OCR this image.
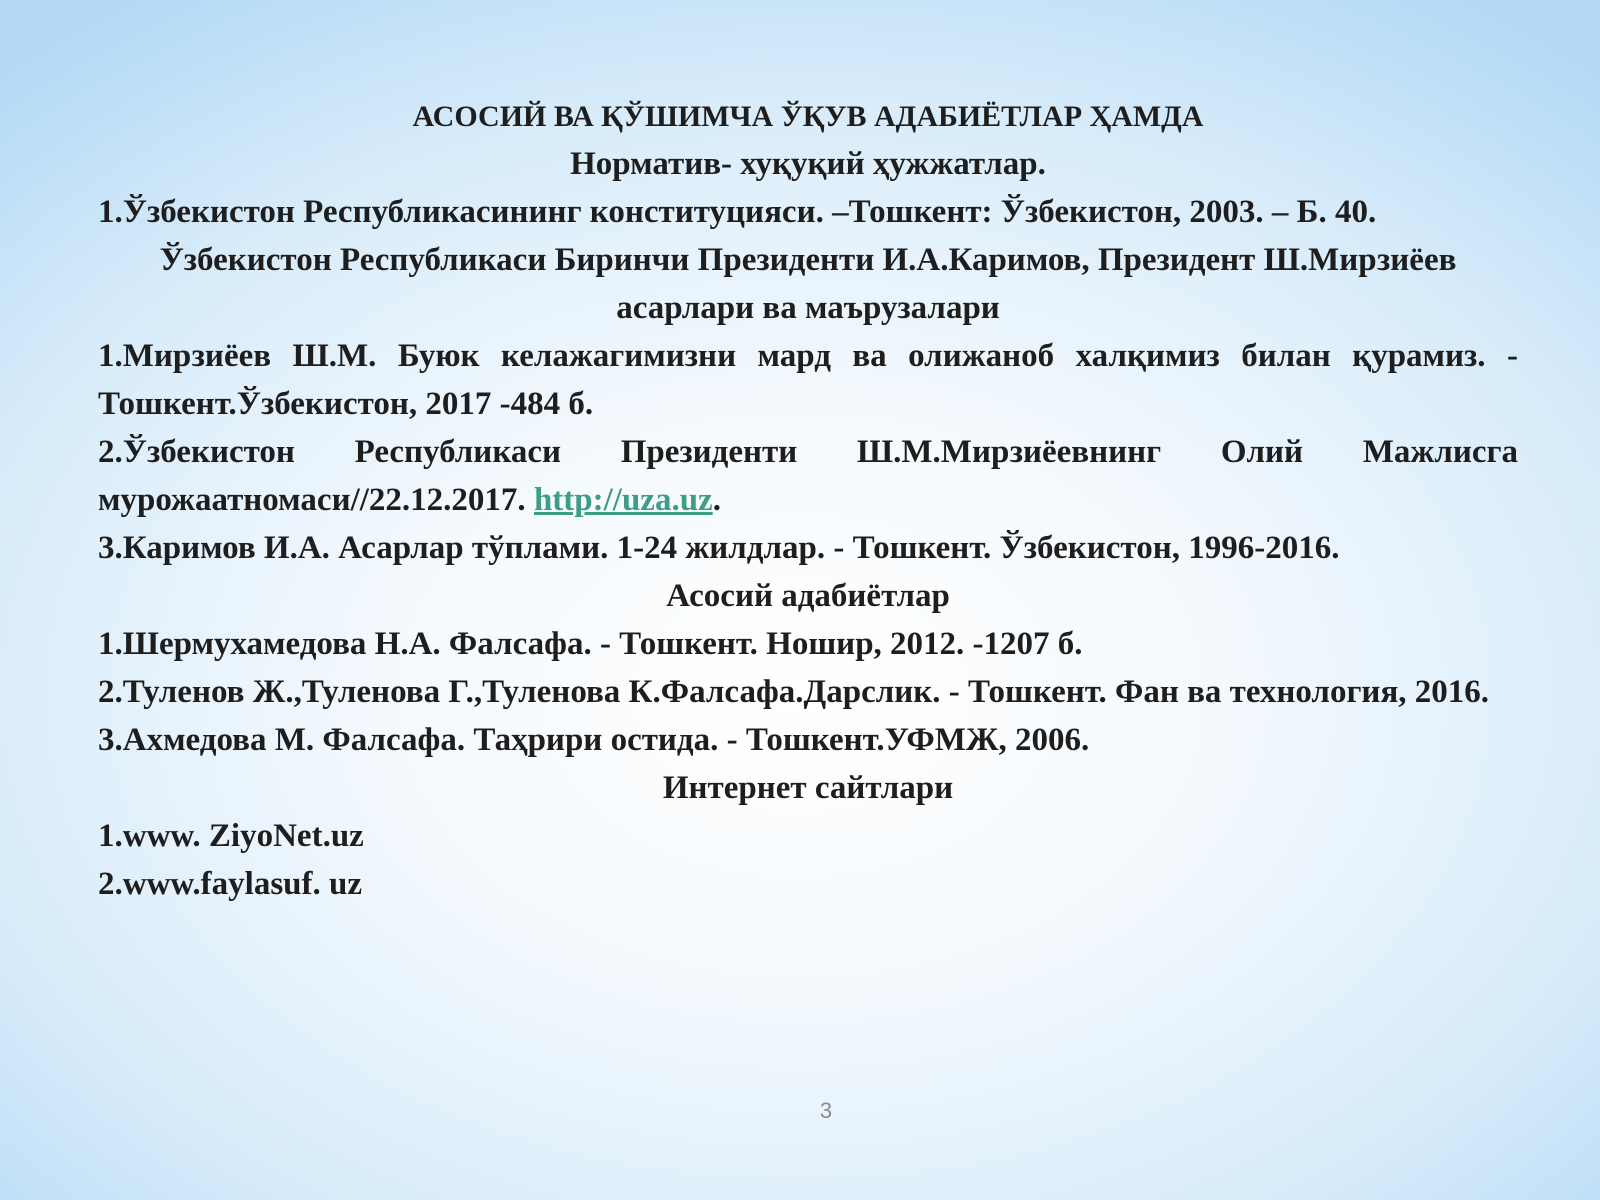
АСОСИЙ ВА ҚЎШИМЧА ЎҚУВ АДАБИЁТЛАР ҲАМДА

Норматив- хуқуқий ҳужжатлар.

1.Ўзбекистон Республикасининг конституцияси. –Тошкент: Ўзбекистон, 2003. – Б. 40.

Ўзбекистон Республикаси Биринчи Президенти И.А.Каримов, Президент Ш.Мирзиёев асарлари ва маърузалари

1.Мирзиёев Ш.М. Буюк келажагимизни мард ва олижаноб халқимиз билан қурамиз. - Тошкент.Ўзбекистон, 2017 -484 б.

2.Ўзбекистон Республикаси Президенти Ш.М.Мирзиёевнинг Олий Мажлисга мурожаатномаси//22.12.2017. http://uza.uz.

3.Каримов И.А. Асарлар тўплами. 1-24 жилдлар. - Тошкент. Ўзбекистон, 1996-2016.

Асосий адабиётлар

1.Шермухамедова Н.А. Фалсафа. - Тошкент. Ношир, 2012. -1207 б.

2.Туленов Ж.,Туленова Г.,Туленова К.Фалсафа.Дарслик. - Тошкент. Фан ва технология, 2016.

3.Ахмедова М. Фалсафа. Таҳрири остида. - Тошкент.УФМЖ, 2006.

Интернет сайтлари

1.www. ZiyoNet.uz

2.www.faylasuf. uz

3
